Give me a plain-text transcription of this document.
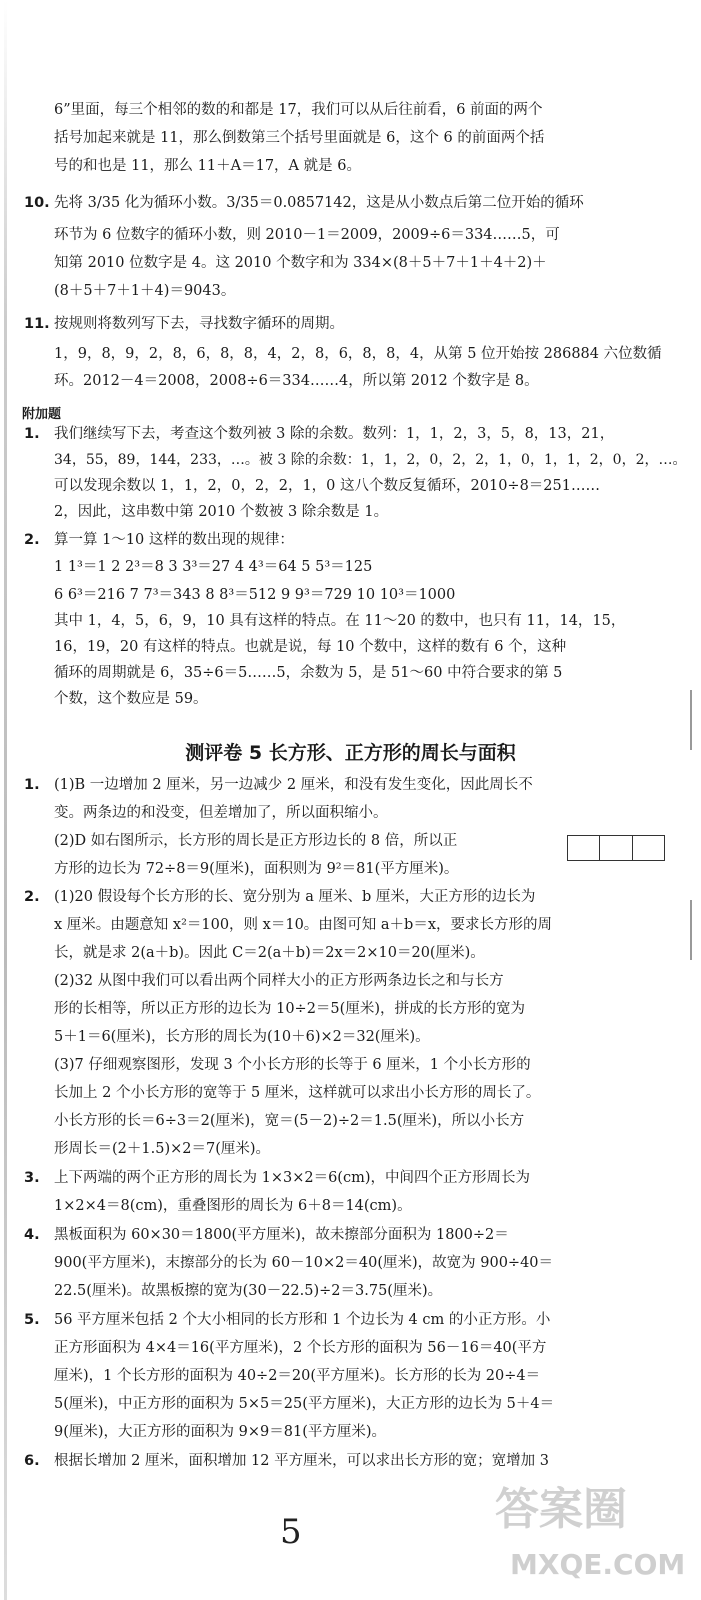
6”里面，每三个相邻的数的和都是 17，我们可以从后往前看，6 前面的两个
括号加起来就是 11，那么倒数第三个括号里面就是 6，这个 6 的前面两个括
号的和也是 11，那么 11＋A＝17，A 就是 6。
10. 先将 3/35 化为循环小数。3/35＝0.0857142，这是从小数点后第二位开始的循环
环节为 6 位数字的循环小数，则 2010－1＝2009，2009÷6＝334……5，可
知第 2010 位数字是 4。这 2010 个数字和为 334×(8＋5＋7＋1＋4＋2)＋
(8＋5＋7＋1＋4)＝9043。
11. 按规则将数列写下去，寻找数字循环的周期。
1，9，8，9，2，8，6，8，8，4，2，8，6，8，8，4，从第 5 位开始按 286884 六位数循
环。2012－4＝2008，2008÷6＝334……4，所以第 2012 个数字是 8。
1. 我们继续写下去，考查这个数列被 3 除的余数。数列：1，1，2，3，5，8，13，21，
34，55，89，144，233，…。被 3 除的余数：1，1，2，0，2，2，1，0，1，1，2，0，2，…。
可以发现余数以 1，1，2，0，2，2，1，0 这八个数反复循环，2010÷8＝251……
2，因此，这串数中第 2010 个数被 3 除余数是 1。
2. 算一算 1～10 这样的数出现的规律：
1 1³＝1 2 2³＝8 3 3³＝27 4 4³＝64 5 5³＝125
6 6³＝216 7 7³＝343 8 8³＝512 9 9³＝729 10 10³＝1000
其中 1，4，5，6，9，10 具有这样的特点。在 11～20 的数中，也只有 11，14，15，
16，19，20 有这样的特点。也就是说，每 10 个数中，这样的数有 6 个，这种
循环的周期就是 6，35÷6＝5……5，余数为 5，是 51～60 中符合要求的第 5
个数，这个数应是 59。
1. (1)B 一边增加 2 厘米，另一边减少 2 厘米，和没有发生变化，因此周长不
变。两条边的和没变，但差增加了，所以面积缩小。
(2)D 如右图所示，长方形的周长是正方形边长的 8 倍，所以正
方形的边长为 72÷8＝9(厘米)，面积则为 9²＝81(平方厘米)。
2. (1)20 假设每个长方形的长、宽分别为 a 厘米、b 厘米，大正方形的边长为
x 厘米。由题意知 x²＝100，则 x＝10。由图可知 a＋b＝x，要求长方形的周
长，就是求 2(a＋b)。因此 C＝2(a＋b)＝2x＝2×10＝20(厘米)。
(2)32 从图中我们可以看出两个同样大小的正方形两条边长之和与长方
形的长相等，所以正方形的边长为 10÷2＝5(厘米)，拼成的长方形的宽为
5＋1＝6(厘米)，长方形的周长为(10＋6)×2＝32(厘米)。
(3)7 仔细观察图形，发现 3 个小长方形的长等于 6 厘米，1 个小长方形的
长加上 2 个小长方形的宽等于 5 厘米，这样就可以求出小长方形的周长了。
小长方形的长＝6÷3＝2(厘米)，宽＝(5－2)÷2＝1.5(厘米)，所以小长方
形周长＝(2＋1.5)×2＝7(厘米)。
3. 上下两端的两个正方形的周长为 1×3×2＝6(cm)，中间四个正方形周长为
1×2×4＝8(cm)，重叠图形的周长为 6＋8＝14(cm)。
4. 黑板面积为 60×30＝1800(平方厘米)，故未擦部分面积为 1800÷2＝
900(平方厘米)，末擦部分的长为 60－10×2＝40(厘米)，故宽为 900÷40＝
22.5(厘米)。故黑板擦的宽为(30－22.5)÷2＝3.75(厘米)。
5. 56 平方厘米包括 2 个大小相同的长方形和 1 个边长为 4 cm 的小正方形。小
正方形面积为 4×4＝16(平方厘米)，2 个长方形的面积为 56－16＝40(平方
厘米)，1 个长方形的面积为 40÷2＝20(平方厘米)。长方形的长为 20÷4＝
5(厘米)，中正方形的面积为 5×5＝25(平方厘米)，大正方形的边长为 5＋4＝
9(厘米)，大正方形的面积为 9×9＝81(平方厘米)。
6. 根据长增加 2 厘米，面积增加 12 平方厘米，可以求出长方形的宽；宽增加 3
附加题
测评卷 5 长方形、正方形的周长与面积
5	答案圈
MXQE.COM
